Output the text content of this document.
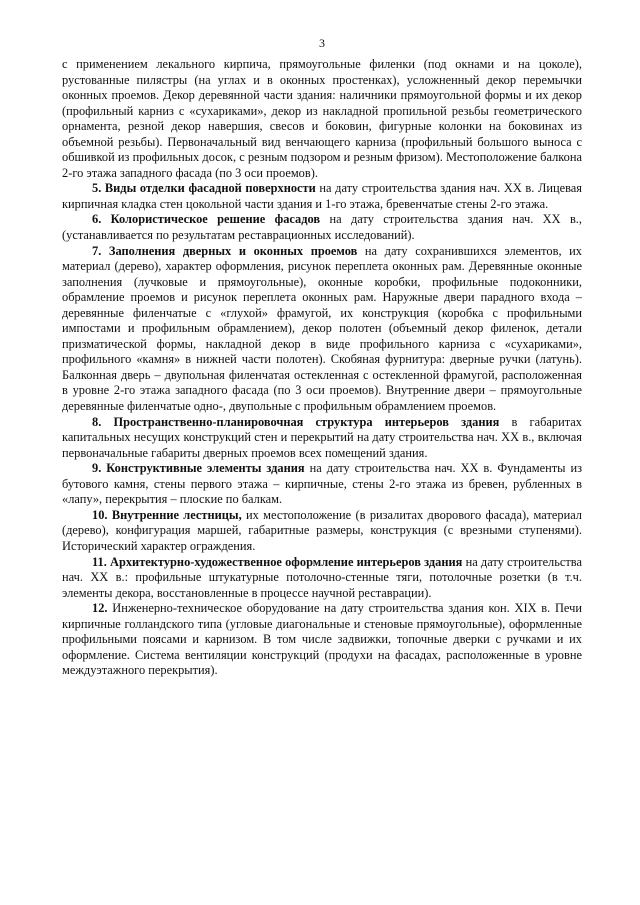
3

с применением лекального кирпича, прямоугольные филенки (под окнами и на цоколе), рустованные пилястры (на углах и в оконных простенках), усложненный декор перемычки оконных проемов. Декор деревянной части здания: наличники прямоугольной формы и их декор (профильный карниз с «сухариками», декор из накладной пропильной резьбы геометрического орнамента, резной декор навершия, свесов и боковин, фигурные колонки на боковинах из объемной резьбы). Первоначальный вид венчающего карниза (профильный большого выноса с обшивкой из профильных досок, с резным подзором и резным фризом). Местоположение балкона 2-го этажа западного фасада (по 3 оси проемов).

5. Виды отделки фасадной поверхности на дату строительства здания нач. XX в. Лицевая кирпичная кладка стен цокольной части здания и 1-го этажа, бревенчатые стены 2-го этажа.

6. Колористическое решение фасадов на дату строительства здания нач. XX в., (устанавливается по результатам реставрационных исследований).

7. Заполнения дверных и оконных проемов на дату сохранившихся элементов, их материал (дерево), характер оформления, рисунок переплета оконных рам. Деревянные оконные заполнения (лучковые и прямоугольные), оконные коробки, профильные подоконники, обрамление проемов и рисунок переплета оконных рам. Наружные двери парадного входа – деревянные филенчатые с «глухой» фрамугой, их конструкция (коробка с профильными импостами и профильным обрамлением), декор полотен (объемный декор филенок, детали призматической формы, накладной декор в виде профильного карниза с «сухариками», профильного «камня» в нижней части полотен). Скобяная фурнитура: дверные ручки (латунь). Балконная дверь – двупольная филенчатая остекленная с остекленной фрамугой, расположенная в уровне 2-го этажа западного фасада (по 3 оси проемов). Внутренние двери – прямоугольные деревянные филенчатые одно-, двупольные с профильным обрамлением проемов.

8. Пространственно-планировочная структура интерьеров здания в габаритах капитальных несущих конструкций стен и перекрытий на дату строительства нач. XX в., включая первоначальные габариты дверных проемов всех помещений здания.

9. Конструктивные элементы здания на дату строительства нач. XX в. Фундаменты из бутового камня, стены первого этажа – кирпичные, стены 2-го этажа из бревен, рубленных в «лапу», перекрытия – плоские по балкам.

10. Внутренние лестницы, их местоположение (в ризалитах дворового фасада), материал (дерево), конфигурация маршей, габаритные размеры, конструкция (с врезными ступенями). Исторический характер ограждения.

11. Архитектурно-художественное оформление интерьеров здания на дату строительства нач. XX в.: профильные штукатурные потолочно-стенные тяги, потолочные розетки (в т.ч. элементы декора, восстановленные в процессе научной реставрации).

12. Инженерно-техническое оборудование на дату строительства здания кон. XIX в. Печи кирпичные голландского типа (угловые диагональные и стеновые прямоугольные), оформленные профильными поясами и карнизом. В том числе задвижки, топочные дверки с ручками и их оформление. Система вентиляции конструкций (продухи на фасадах, расположенные в уровне междуэтажного перекрытия).
